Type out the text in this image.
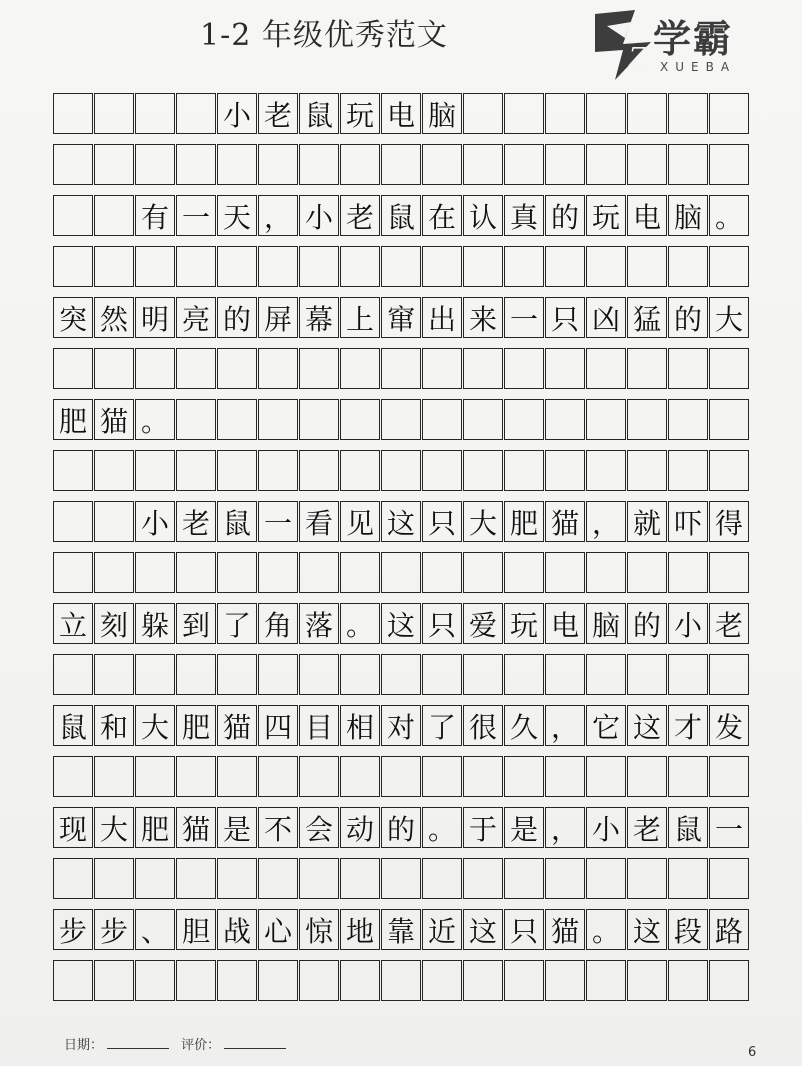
1-2 年级优秀范文
Z 学霸
XUEBA
小 老 鼠 玩 电 脑
有 一 天 ， 小 老 鼠 在 认 真 的 玩 电 脑 。
突 然 明 亮 的 屏 幕 上 窜 出 来 一 只 凶 猛 的 大
肥 猫 。
小 老 鼠 一 看 见 这 只 大 肥 猫 ， 就 吓 得
立 刻 躲 到 了 角 落 。 这 只 爱 玩 电 脑 的 小 老
鼠 和 大 肥 猫 四 目 相 对 了 很 久 ， 它 这 才 发
现 大 肥 猫 是 不 会 动 的 。 于 是 ， 小 老 鼠 一
步 步 、 胆 战 心 惊 地 靠 近 这 只 猫 。 这 段 路
日期：	评价：	6
